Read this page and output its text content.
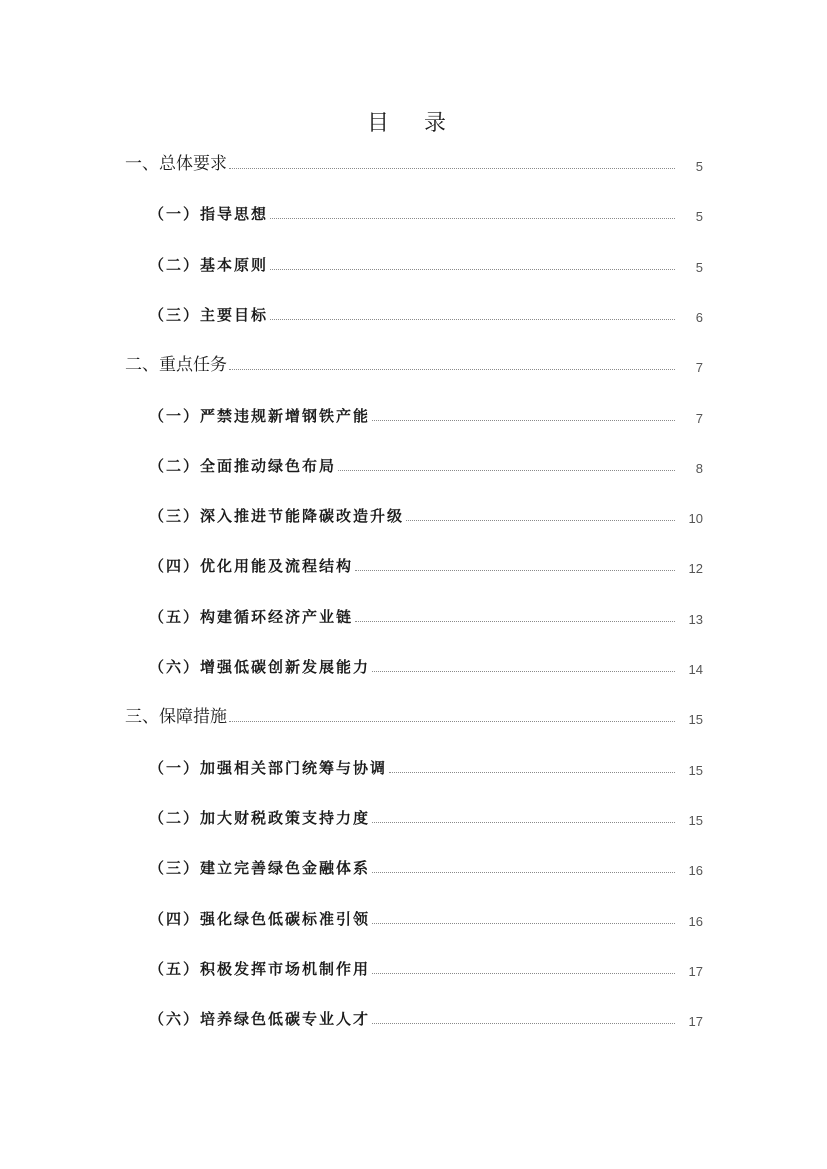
目 录
一、总体要求	5
（一）指导思想	5
（二）基本原则	5
（三）主要目标	6
二、重点任务	7
（一）严禁违规新增钢铁产能	7
（二）全面推动绿色布局	8
（三）深入推进节能降碳改造升级	10
（四）优化用能及流程结构	12
（五）构建循环经济产业链	13
（六）增强低碳创新发展能力	14
三、保障措施	15
（一）加强相关部门统筹与协调	15
（二）加大财税政策支持力度	15
（三）建立完善绿色金融体系	16
（四）强化绿色低碳标准引领	16
（五）积极发挥市场机制作用	17
（六）培养绿色低碳专业人才	17
